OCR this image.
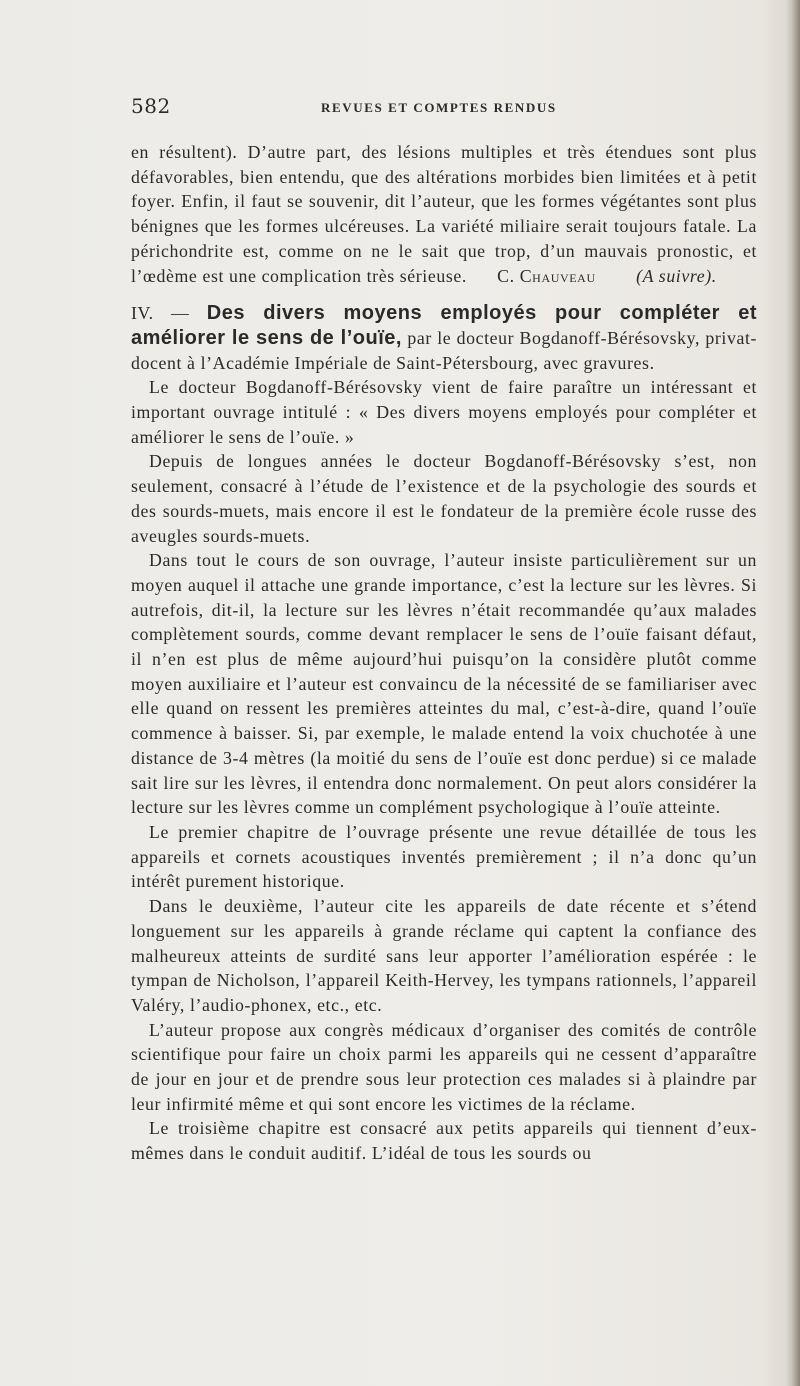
582	REVUES ET COMPTES RENDUS

en résultent). D’autre part, des lésions multiples et très étendues sont plus défavorables, bien entendu, que des altérations morbides bien limitées et à petit foyer. Enfin, il faut se souvenir, dit l’auteur, que les formes végétantes sont plus bénignes que les formes ulcéreuses. La variété miliaire serait toujours fatale. La périchondrite est, comme on ne le sait que trop, d’un mauvais pronostic, et l’œdème est une complication très sérieuse. C. Chauveau (A suivre).

IV. — Des divers moyens employés pour compléter et améliorer le sens de l’ouïe, par le docteur Bogdanoff-Bérésovsky, privat-docent à l’Académie Impériale de Saint-Pétersbourg, avec gravures.

Le docteur Bogdanoff-Bérésovsky vient de faire paraître un intéressant et important ouvrage intitulé : « Des divers moyens employés pour compléter et améliorer le sens de l’ouïe. »

Depuis de longues années le docteur Bogdanoff-Bérésovsky s’est, non seulement, consacré à l’étude de l’existence et de la psychologie des sourds et des sourds-muets, mais encore il est le fondateur de la première école russe des aveugles sourds-muets.

Dans tout le cours de son ouvrage, l’auteur insiste particulièrement sur un moyen auquel il attache une grande importance, c’est la lecture sur les lèvres. Si autrefois, dit-il, la lecture sur les lèvres n’était recommandée qu’aux malades complètement sourds, comme devant remplacer le sens de l’ouïe faisant défaut, il n’en est plus de même aujourd’hui puisqu’on la considère plutôt comme moyen auxiliaire et l’auteur est convaincu de la nécessité de se familiariser avec elle quand on ressent les premières atteintes du mal, c’est-à-dire, quand l’ouïe commence à baisser. Si, par exemple, le malade entend la voix chuchotée à une distance de 3-4 mètres (la moitié du sens de l’ouïe est donc perdue) si ce malade sait lire sur les lèvres, il entendra donc normalement. On peut alors considérer la lecture sur les lèvres comme un complément psychologique à l’ouïe atteinte.

Le premier chapitre de l’ouvrage présente une revue détaillée de tous les appareils et cornets acoustiques inventés premièrement ; il n’a donc qu’un intérêt purement historique.

Dans le deuxième, l’auteur cite les appareils de date récente et s’étend longuement sur les appareils à grande réclame qui captent la confiance des malheureux atteints de surdité sans leur apporter l’amélioration espérée : le tympan de Nicholson, l’appareil Keith-Hervey, les tympans rationnels, l’appareil Valéry, l’audio-phonex, etc., etc.

L’auteur propose aux congrès médicaux d’organiser des comités de contrôle scientifique pour faire un choix parmi les appareils qui ne cessent d’apparaître de jour en jour et de prendre sous leur protection ces malades si à plaindre par leur infirmité même et qui sont encore les victimes de la réclame.

Le troisième chapitre est consacré aux petits appareils qui tiennent d’eux-mêmes dans le conduit auditif. L’idéal de tous les sourds ou
